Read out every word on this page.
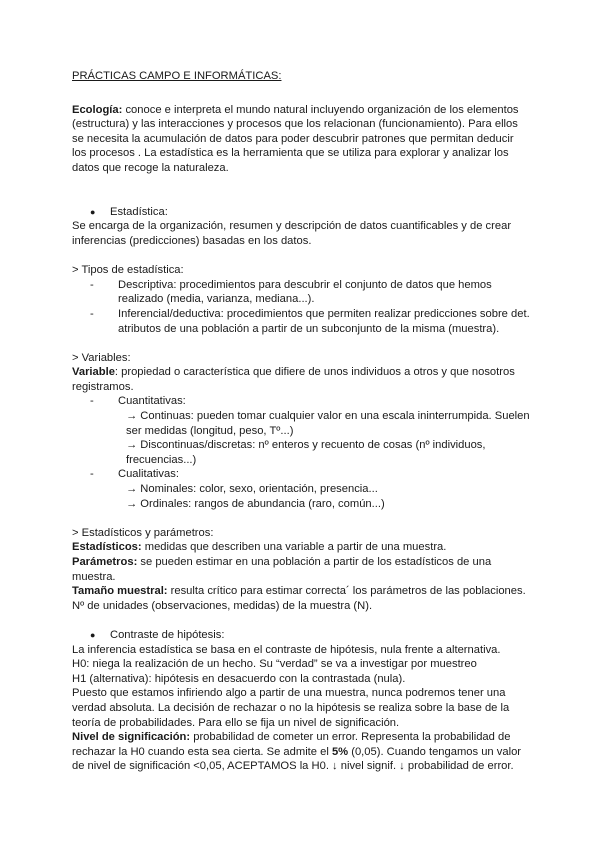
PRÁCTICAS CAMPO E INFORMÁTICAS:

Ecología: conoce e interpreta el mundo natural incluyendo organización de los elementos (estructura) y las interacciones y procesos que los relacionan (funcionamiento). Para ellos se necesita la acumulación de datos para poder descubrir patrones que permitan deducir los procesos . La estadística es la herramienta que se utiliza para explorar y analizar los datos que recoge la naturaleza.

● Estadística:

Se encarga de la organización, resumen y descripción de datos cuantificables y de crear inferencias (predicciones) basadas en los datos.

> Tipos de estadística:

- Descriptiva: procedimientos para descubrir el conjunto de datos que hemos realizado (media, varianza, mediana...).

- Inferencial/deductiva: procedimientos que permiten realizar predicciones sobre det. atributos de una población a partir de un subconjunto de la misma (muestra).

> Variables:

Variable: propiedad o característica que difiere de unos individuos a otros y que nosotros registramos.

- Cuantitativas:

→ Continuas: pueden tomar cualquier valor en una escala ininterrumpida. Suelen ser medidas (longitud, peso, Tº...)

→ Discontinuas/discretas: nº enteros y recuento de cosas (nº individuos, frecuencias...)

- Cualitativas:

→ Nominales: color, sexo, orientación, presencia...

→ Ordinales: rangos de abundancia (raro, común...)

> Estadísticos y parámetros:

Estadísticos: medidas que describen una variable a partir de una muestra.

Parámetros: se pueden estimar en una población a partir de los estadísticos de una muestra.

Tamaño muestral: resulta crítico para estimar correcta´ los parámetros de las poblaciones. Nº de unidades (observaciones, medidas) de la muestra (N).

● Contraste de hipótesis:

La inferencia estadística se basa en el contraste de hipótesis, nula frente a alternativa.

H0: niega la realización de un hecho. Su “verdad” se va a investigar por muestreo

H1 (alternativa): hipótesis en desacuerdo con la contrastada (nula).

Puesto que estamos infiriendo algo a partir de una muestra, nunca podremos tener una verdad absoluta. La decisión de rechazar o no la hipótesis se realiza sobre la base de la teoría de probabilidades. Para ello se fija un nivel de significación.

Nivel de significación: probabilidad de cometer un error. Representa la probabilidad de rechazar la H0 cuando esta sea cierta. Se admite el 5% (0,05). Cuando tengamos un valor de nivel de significación <0,05, ACEPTAMOS la H0. ↓ nivel signif. ↓ probabilidad de error.
